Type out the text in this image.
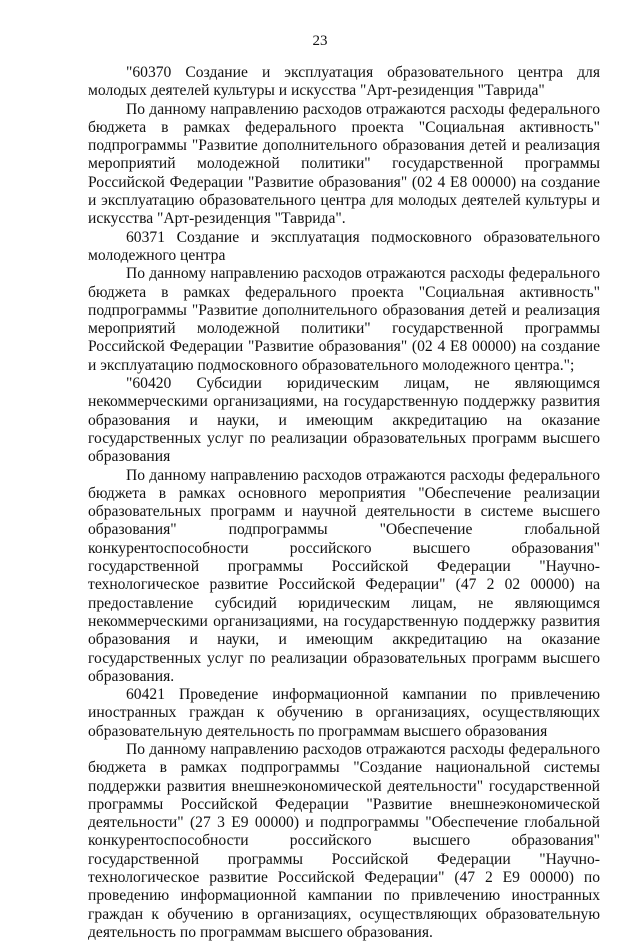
23

"60370 Создание и эксплуатация образовательного центра для молодых деятелей культуры и искусства "Арт-резиденция "Таврида"

По данному направлению расходов отражаются расходы федерального бюджета в рамках федерального проекта "Социальная активность" подпрограммы "Развитие дополнительного образования детей и реализация мероприятий молодежной политики" государственной программы Российской Федерации "Развитие образования" (02 4 E8 00000) на создание и эксплуатацию образовательного центра для молодых деятелей культуры и искусства "Арт-резиденция "Таврида".

60371 Создание и эксплуатация подмосковного образовательного молодежного центра

По данному направлению расходов отражаются расходы федерального бюджета в рамках федерального проекта "Социальная активность" подпрограммы "Развитие дополнительного образования детей и реализация мероприятий молодежной политики" государственной программы Российской Федерации "Развитие образования" (02 4 E8 00000) на создание и эксплуатацию подмосковного образовательного молодежного центра.";

"60420 Субсидии юридическим лицам, не являющимся некоммерческими организациями, на государственную поддержку развития образования и науки, и имеющим аккредитацию на оказание государственных услуг по реализации образовательных программ высшего образования

По данному направлению расходов отражаются расходы федерального бюджета в рамках основного мероприятия "Обеспечение реализации образовательных программ и научной деятельности в системе высшего образования" подпрограммы "Обеспечение глобальной конкурентоспособности российского высшего образования" государственной программы Российской Федерации "Научно-технологическое развитие Российской Федерации" (47 2 02 00000) на предоставление субсидий юридическим лицам, не являющимся некоммерческими организациями, на государственную поддержку развития образования и науки, и имеющим аккредитацию на оказание государственных услуг по реализации образовательных программ высшего образования.

60421 Проведение информационной кампании по привлечению иностранных граждан к обучению в организациях, осуществляющих образовательную деятельность по программам высшего образования

По данному направлению расходов отражаются расходы федерального бюджета в рамках подпрограммы "Создание национальной системы поддержки развития внешнеэкономической деятельности" государственной программы Российской Федерации "Развитие внешнеэкономической деятельности" (27 3 E9 00000) и подпрограммы "Обеспечение глобальной конкурентоспособности российского высшего образования" государственной программы Российской Федерации "Научно-технологическое развитие Российской Федерации" (47 2 E9 00000) по проведению информационной кампании по привлечению иностранных граждан к обучению в организациях, осуществляющих образовательную деятельность по программам высшего образования.
